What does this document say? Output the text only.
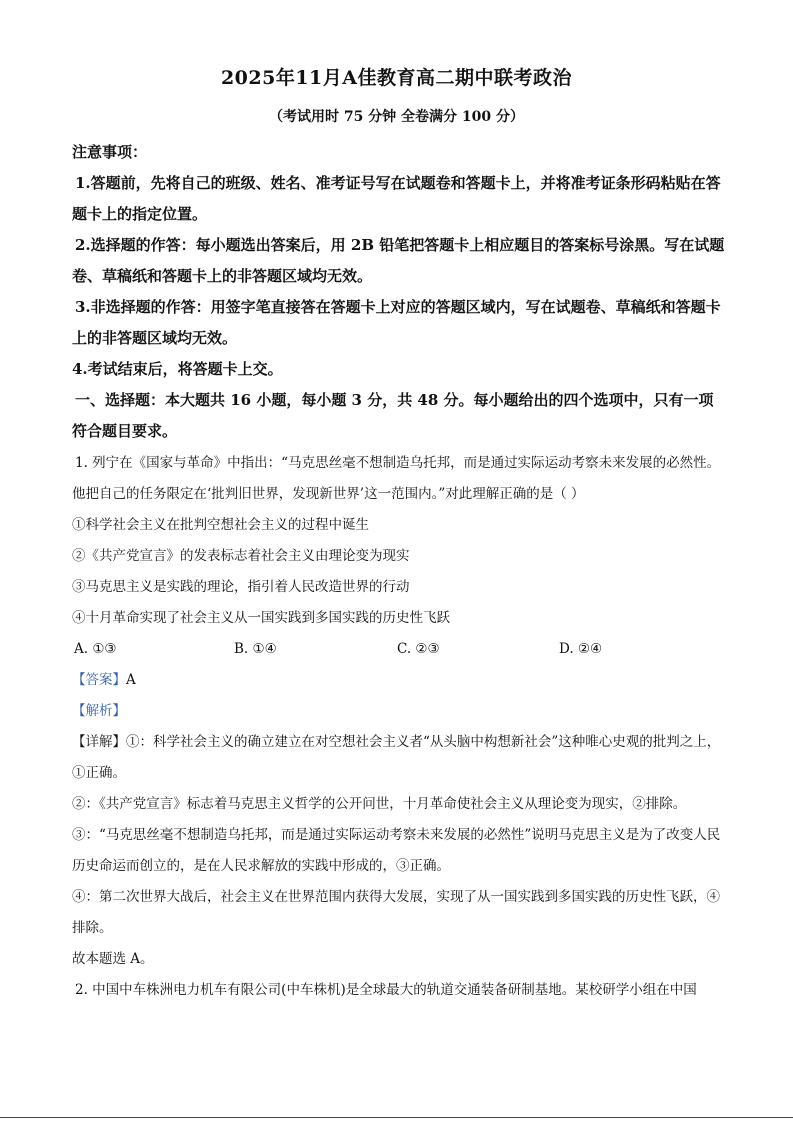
2025年11月A佳教育高二期中联考政治
（考试用时 75 分钟 全卷满分 100 分）

注意事项：

1.答题前，先将自己的班级、姓名、准考证号写在试题卷和答题卡上，并将准考证条形码粘贴在答题卡上的指定位置。

2.选择题的作答：每小题选出答案后，用 2B 铅笔把答题卡上相应题目的答案标号涂黑。写在试题卷、草稿纸和答题卡上的非答题区域均无效。

3.非选择题的作答：用签字笔直接答在答题卡上对应的答题区域内，写在试题卷、草稿纸和答题卡上的非答题区域均无效。

4.考试结束后，将答题卡上交。

一、选择题：本大题共 16 小题，每小题 3 分，共 48 分。每小题给出的四个选项中，只有一项符合题目要求。

1. 列宁在《国家与革命》中指出：“马克思丝毫不想制造乌托邦，而是通过实际运动考察未来发展的必然性。他把自己的任务限定在‘批判旧世界，发现新世界’这一范围内。”对此理解正确的是（ ）

①科学社会主义在批判空想社会主义的过程中诞生

②《共产党宣言》的发表标志着社会主义由理论变为现实

③马克思主义是实践的理论，指引着人民改造世界的行动

④十月革命实现了社会主义从一国实践到多国实践的历史性飞跃

A. ①③	B. ①④	C. ②③	D. ②④

【答案】A

【解析】

【详解】①：科学社会主义的确立建立在对空想社会主义者“从头脑中构想新社会”这种唯心史观的批判之上，①正确。

②：《共产党宣言》标志着马克思主义哲学的公开问世，十月革命使社会主义从理论变为现实，②排除。

③：“马克思丝毫不想制造乌托邦，而是通过实际运动考察未来发展的必然性”说明马克思主义是为了改变人民历史命运而创立的，是在人民求解放的实践中形成的，③正确。

④：第二次世界大战后，社会主义在世界范围内获得大发展，实现了从一国实践到多国实践的历史性飞跃，④排除。

故本题选 A。

2. 中国中车株洲电力机车有限公司(中车株机)是全球最大的轨道交通装备研制基地。某校研学小组在中国
